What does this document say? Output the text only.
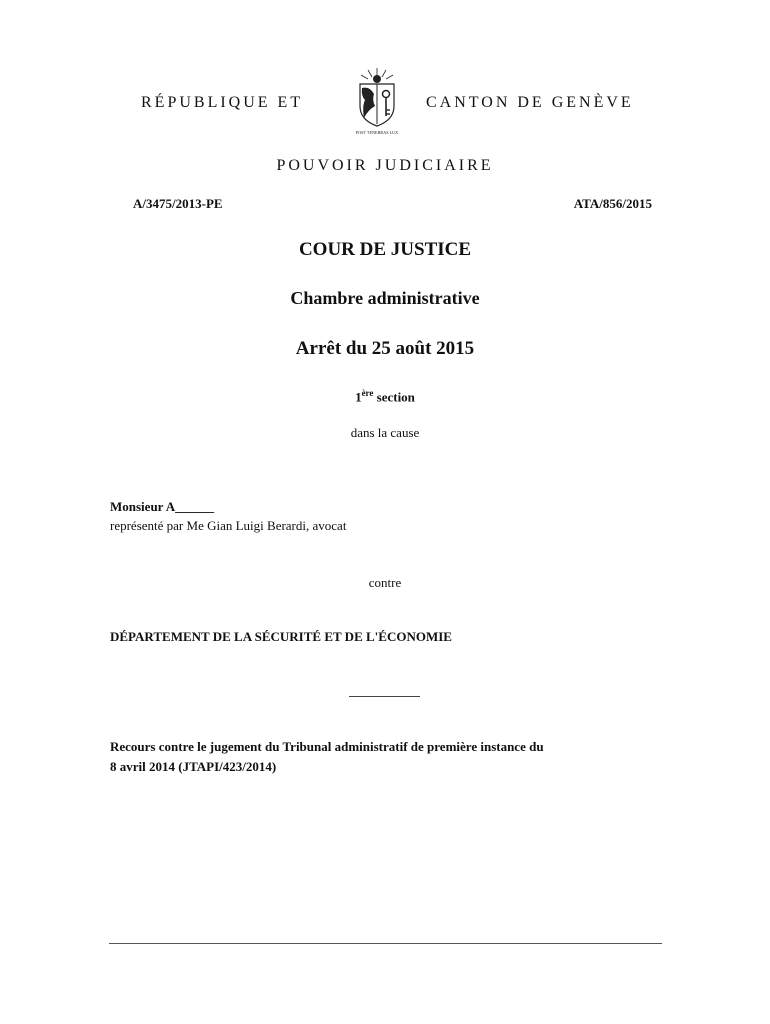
RÉPUBLIQUE ET
POST TENEBRAS LUX
CANTON DE GENÈVE
POUVOIR JUDICIAIRE
A/3475/2013-PE	ATA/856/2015
COUR DE JUSTICE
Chambre administrative
Arrêt du 25 août 2015
1ère section
dans la cause
Monsieur A______
représenté par Me Gian Luigi Berardi, avocat
contre
DÉPARTEMENT DE LA SÉCURITÉ ET DE L'ÉCONOMIE
Recours contre le jugement du Tribunal administratif de première instance du
8 avril 2014 (JTAPI/423/2014)
